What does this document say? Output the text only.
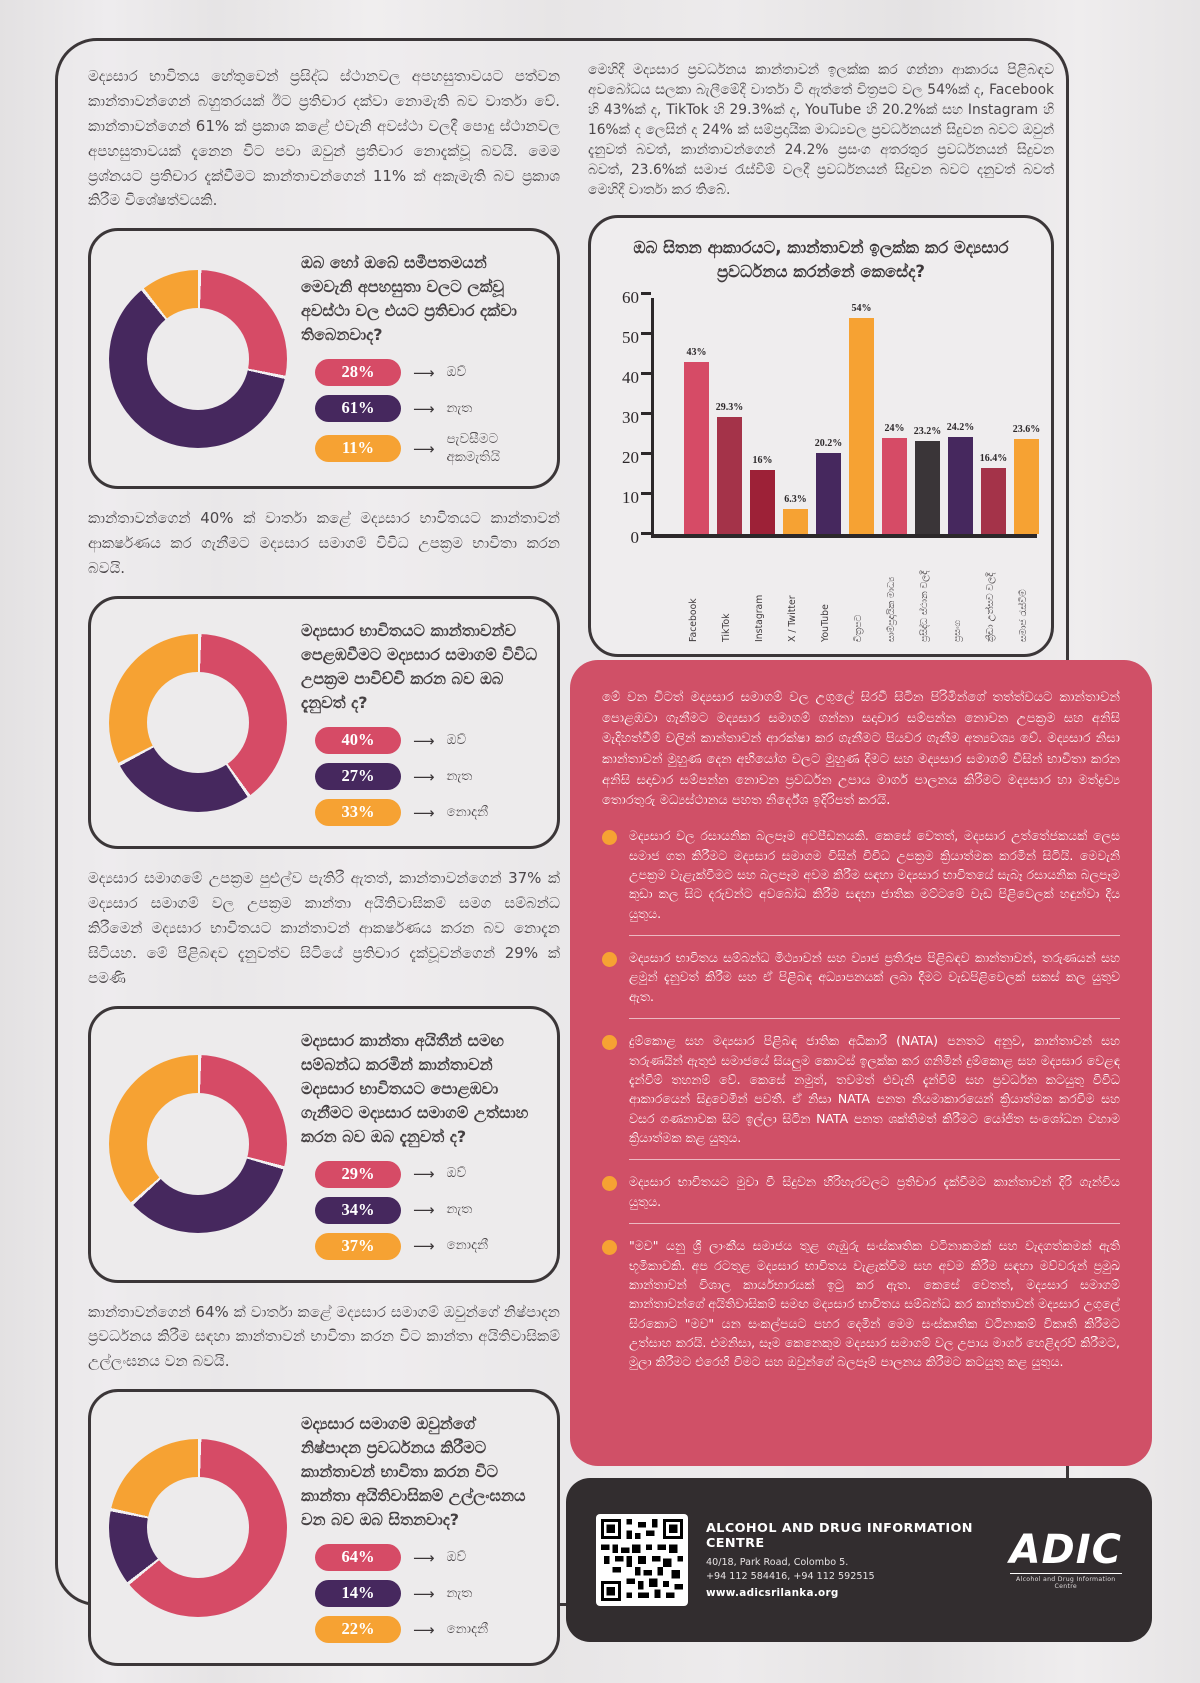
මද්‍යසාර භාවිතය හේතුවෙන් ප්‍රසිද්ධ ස්ථානවල අපහසුතාවයට පත්වන කාන්තාවන්ගෙන් බහුතරයක් ඊට ප්‍රතිචාර දක්වා නොමැති බව වාර්තා වේ. කාන්තාවන්ගෙන් 61% ක් ප්‍රකාශ කළේ එවැනි අවස්ථා වලදී පොදු ස්ථානවල අපහසුතාවයක් දැනෙන විට පවා ඔවුන් ප්‍රතිචාර නොදැක්වූ බවයි. මෙම ප්‍රශ්නයට ප්‍රතිචාර දැක්වීමට කාන්තාවන්ගෙන් 11% ක් අකැමැති බව ප්‍රකාශ කිරීම විශේෂත්වයකි.

ඔබ හෝ ඔබේ සමීපතමයන් මෙවැනි අපහසුතා වලට ලක්වූ අවස්ථා වල එයට ප්‍රතිචාර දක්වා තිබෙනවාද?

28%	⟶ ඔව්
61%	⟶ නැත
11%	⟶
පැවසීමට අකමැතියි

කාන්තාවන්ගෙන් 40% ක් වාර්තා කළේ මද්‍යසාර භාවිතයට කාන්තාවන් ආකර්ෂණය කර ගැනීමට මද්‍යසාර සමාගම් විවිධ උපක්‍රම භාවිතා කරන බවයි.

මද්‍යසාර භාවිතයට කාන්තාවන්ව පෙළඹවීමට මද්‍යසාර සමාගම් විවිධ උපක්‍රම පාවිච්චි කරන බව ඔබ දැනුවත් ද?

40%	⟶ ඔව්
27%	⟶ නැත
33%	⟶ නොදනී

මද්‍යසාර සමාගමේ උපක්‍රම පුළුල්ව පැතිරී ඇතත්, කාන්තාවන්ගෙන් 37% ක් මද්‍යසාර සමාගම් වල උපක්‍රම කාන්තා අයිතිවාසිකම් සමග සම්බන්ධ කිරීමෙන් මද්‍යසාර භාවිතයට කාන්තාවන් ආකර්ෂණය කරන බව නොදැන සිටියහ. මේ පිළිබඳව දැනුවත්ව සිටියේ ප්‍රතිචාර දැක්වූවන්ගෙන් 29% ක් පමණි

මද්‍යසාර කාන්තා අයිතීන් සමඟ සම්බන්ධ කරමින් කාන්තාවන් මද්‍යසාර භාවිතයට පොළඹවා ගැනීමට මද්‍යසාර සමාගම් උත්සාහ කරන බව ඔබ දැනුවත් ද?

29%	⟶ ඔව්
34%	⟶ නැත
37%	⟶ නොදනී

කාන්තාවන්ගෙන් 64% ක් වාර්තා කළේ මද්‍යසාර සමාගම් ඔවුන්ගේ නිෂ්පාදන ප්‍රවර්ධනය කිරීම සඳහා කාන්තාවන් භාවිතා කරන විට කාන්තා අයිතිවාසිකම් උල්ලංඝනය වන බවයි.

මද්‍යසාර සමාගම් ඔවුන්ගේ නිෂ්පාදන ප්‍රවර්ධනය කිරීමට කාන්තාවන් භාවිතා කරන විට කාන්තා අයිතිවාසිකම් උල්ලංඝනය වන බව ඔබ සිතනවාද?

64%	⟶ ඔව්
14%	⟶ නැත
22%	⟶ නොදනී

මෙහිදී මද්‍යසාර ප්‍රවර්ධනය කාන්තාවන් ඉලක්ක කර ගන්නා ආකාරය පිළිබඳව අවබෝධය සලකා බැලීමේදී වාර්තා වී ඇත්තේ චිත්‍රපට වල 54%ක් ද, Facebook හි 43%ක් ද, TikTok හි 29.3%ක් ද, YouTube හි 20.2%ක් සහ Instagram හි 16%ක් ද ලෙසින් ද 24% ක් සම්ප්‍රදායික මාධ්‍යවල ප්‍රවර්ධනයන් සිදුවන බවට ඔවුන් දැනුවත් බවත්, කාන්තාවන්ගෙන් 24.2% ප්‍රසංග අතරතුර ප්‍රවර්ධනයන් සිදුවන බවත්, 23.6%ක් සමාජ රැස්වීම් වලදී ප්‍රවර්ධනයන් සිදුවන බවට දනුවත් බවත් මෙහිදී වාර්තා කර තිබේ.

ඔබ සිතන ආකාරයට, කාන්තාවන් ඉලක්ක කර මද්‍යසාර ප්‍රවර්ධනය කරන්නේ කෙසේද?
0
10
20
30
40
50
60
43%
29.3%
16%
6.3%
20.2%
54%
24% 23.2% 24.2%
16.4%
23.6%
Facebook TikTok Instagram X / Twitter YouTube චිත්‍රපට සාම්ප්‍රදායික මාධ්‍ය ප්‍රසිද්ධ ස්ථාන වලදී ප්‍රසංග ක්‍රීඩා උත්සව වලදී සමාජ රැස්වීම්

මේ වන විටත් මද්‍යසාර සමාගම් වල උගුලේ සිරවී සිටින පිරිමින්ගේ තත්ත්වයට කාන්තාවන් පොළඹවා ගැනීමට මද්‍යසාර සමාගම් ගන්නා සදාචාර සම්පන්න නොවන උපක්‍රම සහ අනිසි මැදිහත්වීම් වලින් කාන්තාවන් ආරක්ෂා කර ගැනීමට පියවර ගැනීම අත්‍යවශ්‍ය වේ. මද්‍යසාර නිසා කාන්තාවන් මුහුණ දෙන අභියෝග වලට මුහුණ දීමට සහ මද්‍යසාර සමාගම් විසින් භාවිතා කරන අනිසි සදාචාර සම්පන්න නොවන ප්‍රවර්ධන උපාය මාර්ග පාලනය කිරීමට මද්‍යසාර හා මත්ද්‍රව්‍ය තොරතුරු මධ්‍යස්ථානය පහත නිර්දේශ ඉදිරිපත් කරයි.

මද්‍යසාර වල රසායනික බලපෑම අවපීඩනයකි. කෙසේ වෙතත්, මද්‍යසාර උත්තේජකයක් ලෙස සමාජ ගත කිරීමට මද්‍යසාර සමාගම විසින් විවිධ උපක්‍රම ක්‍රියාත්මක කරමින් සිටියි. මෙවැනි උපක්‍රම වැළැක්වීමට සහ බලපෑම අවම කිරීම සඳහා මද්‍යසාර භාවිතයේ සැබෑ රසායනික බලපෑම කුඩා කල සිට දරුවන්ට අවබෝධ කිරීම සඳහා ජාතික මට්ටමේ වැඩ පිළිවෙලක් හඳුන්වා දිය යුතුය.

මද්‍යසාර භාවිතය සම්බන්ධ මිථ්‍යාවන් සහ ව්‍යාජ ප්‍රතිරූප පිළිබඳව කාන්තාවන්, තරුණයන් සහ ළමුන් දැනුවත් කිරීම සහ ඒ පිළිබඳ අධ්‍යාපනයක් ලබා දීමට වැඩපිළිවෙලක් සකස් කල යුතුව ඇත.

දුම්කොළ සහ මද්‍යසාර පිළිබඳ ජාතික අධිකාරී (NATA) පනතට අනුව, කාන්තාවන් සහ තරුණයින් ඇතුළු සමාජයේ සියලුම කොටස් ඉලක්ක කර ගනිමින් දුම්කොළ සහ මද්‍යසාර වෙළඳ දැන්වීම් තහනම් වේ. කෙසේ නමුත්, තවමත් එවැනි දැන්වීම් සහ ප්‍රවර්ධන කටයුතු විවිධ ආකාරයෙන් සිදුවෙමින් පවතී. ඒ නිසා NATA පනත නියමාකාරයෙන් ක්‍රියාත්මක කරවීම සහ වසර ගණනාවක සිට ඉල්ලා සිටින NATA පනත ශක්තිමත් කිරීමට යෝජිත සංශෝධන වහාම ක්‍රියාත්මක කළ යුතුය.

මද්‍යසාර භාවිතයට මුවා වී සිදුවන හිරිහැරවලට ප්‍රතිචාර දැක්වීමට කාන්තාවන් දිරි ගැන්විය යුතුය.

"මව" යනු ශ්‍රී ලාංකීය සමාජය තුළ ගැඹුරු සංස්කෘතික වටිනාකමක් සහ වැදගත්කමක් ඇති භූමිකාවකි. අප රටතුළ මද්‍යසාර භාවිතය වැළැක්වීම සහ අවම කිරීම සඳහා මව්වරුන් ප්‍රමුඛ කාන්තාවන් විශාල කාර්යභාරයක් ඉටු කර ඇත. කෙසේ වෙතත්, මද්‍යසාර සමාගම් කාන්තාවන්ගේ අයිතිවාසිකම් සමඟ මද්‍යසාර භාවිතය සම්බන්ධ කර කාන්තාවන් මද්‍යසාර උගුලේ සිරකොට "මව" යන සංකල්පයට පහර දෙමින් මෙම සංස්කෘතික වටිනාකම් විකෘති කිරීමට උත්සාහ කරයි. එමනිසා, සෑම කෙනෙකුම මද්‍යසාර සමාගම් වල උපාය මාර්ග හෙළිදරව් කිරීමට, මුලා කිරීමට එරෙහි වීමට සහ ඔවුන්ගේ බලපෑම් පාලනය කිරීමට කටයුතු කළ යුතුය.

ALCOHOL AND DRUG INFORMATION CENTRE
40/18, Park Road, Colombo 5.
+94 112 584416, +94 112 592515
www.adicsrilanka.org
ADIC
Alcohol and Drug Information Centre
